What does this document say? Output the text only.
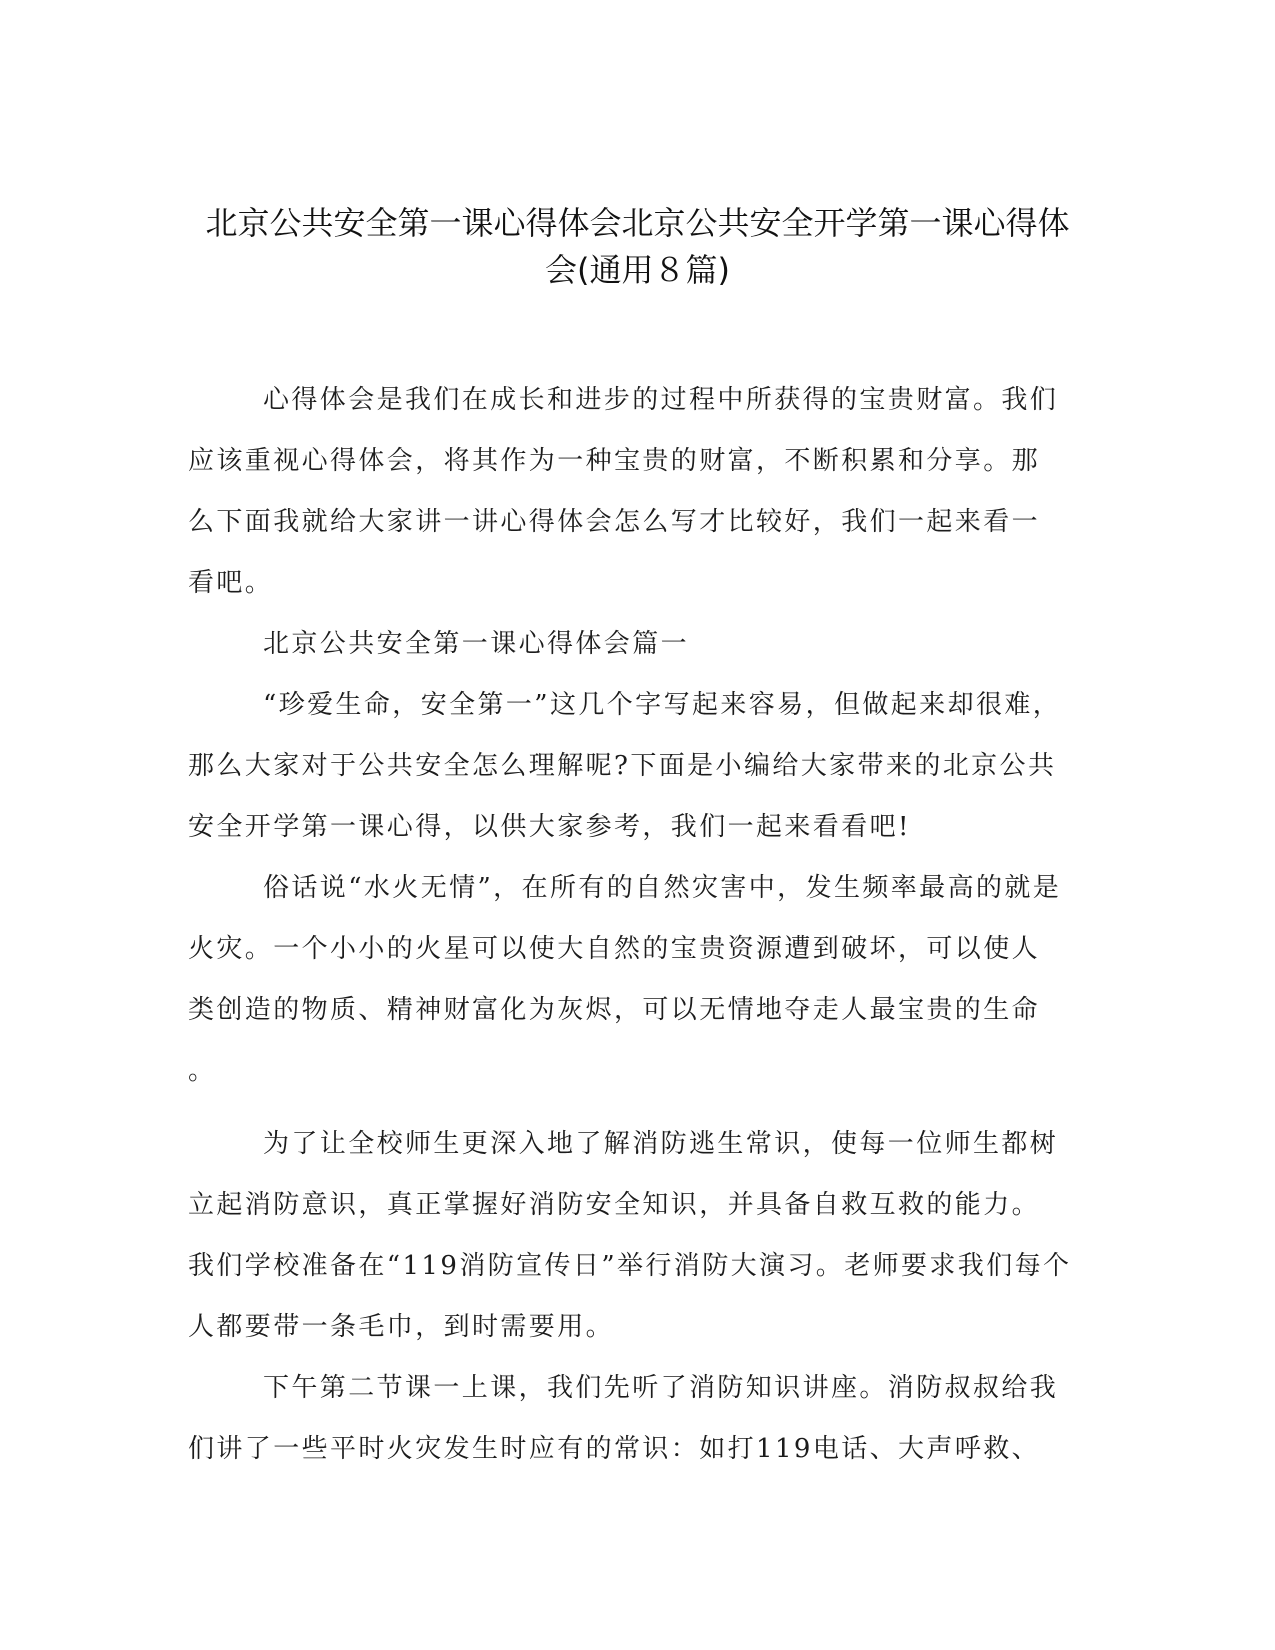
北京公共安全第一课心得体会北京公共安全开学第一课心得体
会(通用８篇)
心得体会是我们在成长和进步的过程中所获得的宝贵财富。我们
应该重视心得体会，将其作为一种宝贵的财富，不断积累和分享。那
么下面我就给大家讲一讲心得体会怎么写才比较好，我们一起来看一
看吧。
北京公共安全第一课心得体会篇一
“珍爱生命，安全第一”这几个字写起来容易，但做起来却很难，
那么大家对于公共安全怎么理解呢?下面是小编给大家带来的北京公共
安全开学第一课心得，以供大家参考，我们一起来看看吧!
俗话说“水火无情”，在所有的自然灾害中，发生频率最高的就是
火灾。一个小小的火星可以使大自然的宝贵资源遭到破坏，可以使人
类创造的物质、精神财富化为灰烬，可以无情地夺走人最宝贵的生命
。
为了让全校师生更深入地了解消防逃生常识，使每一位师生都树
立起消防意识，真正掌握好消防安全知识，并具备自救互救的能力。
我们学校准备在“119消防宣传日”举行消防大演习。老师要求我们每个
人都要带一条毛巾，到时需要用。
下午第二节课一上课，我们先听了消防知识讲座。消防叔叔给我
们讲了一些平时火灾发生时应有的常识：如打119电话、大声呼救、
